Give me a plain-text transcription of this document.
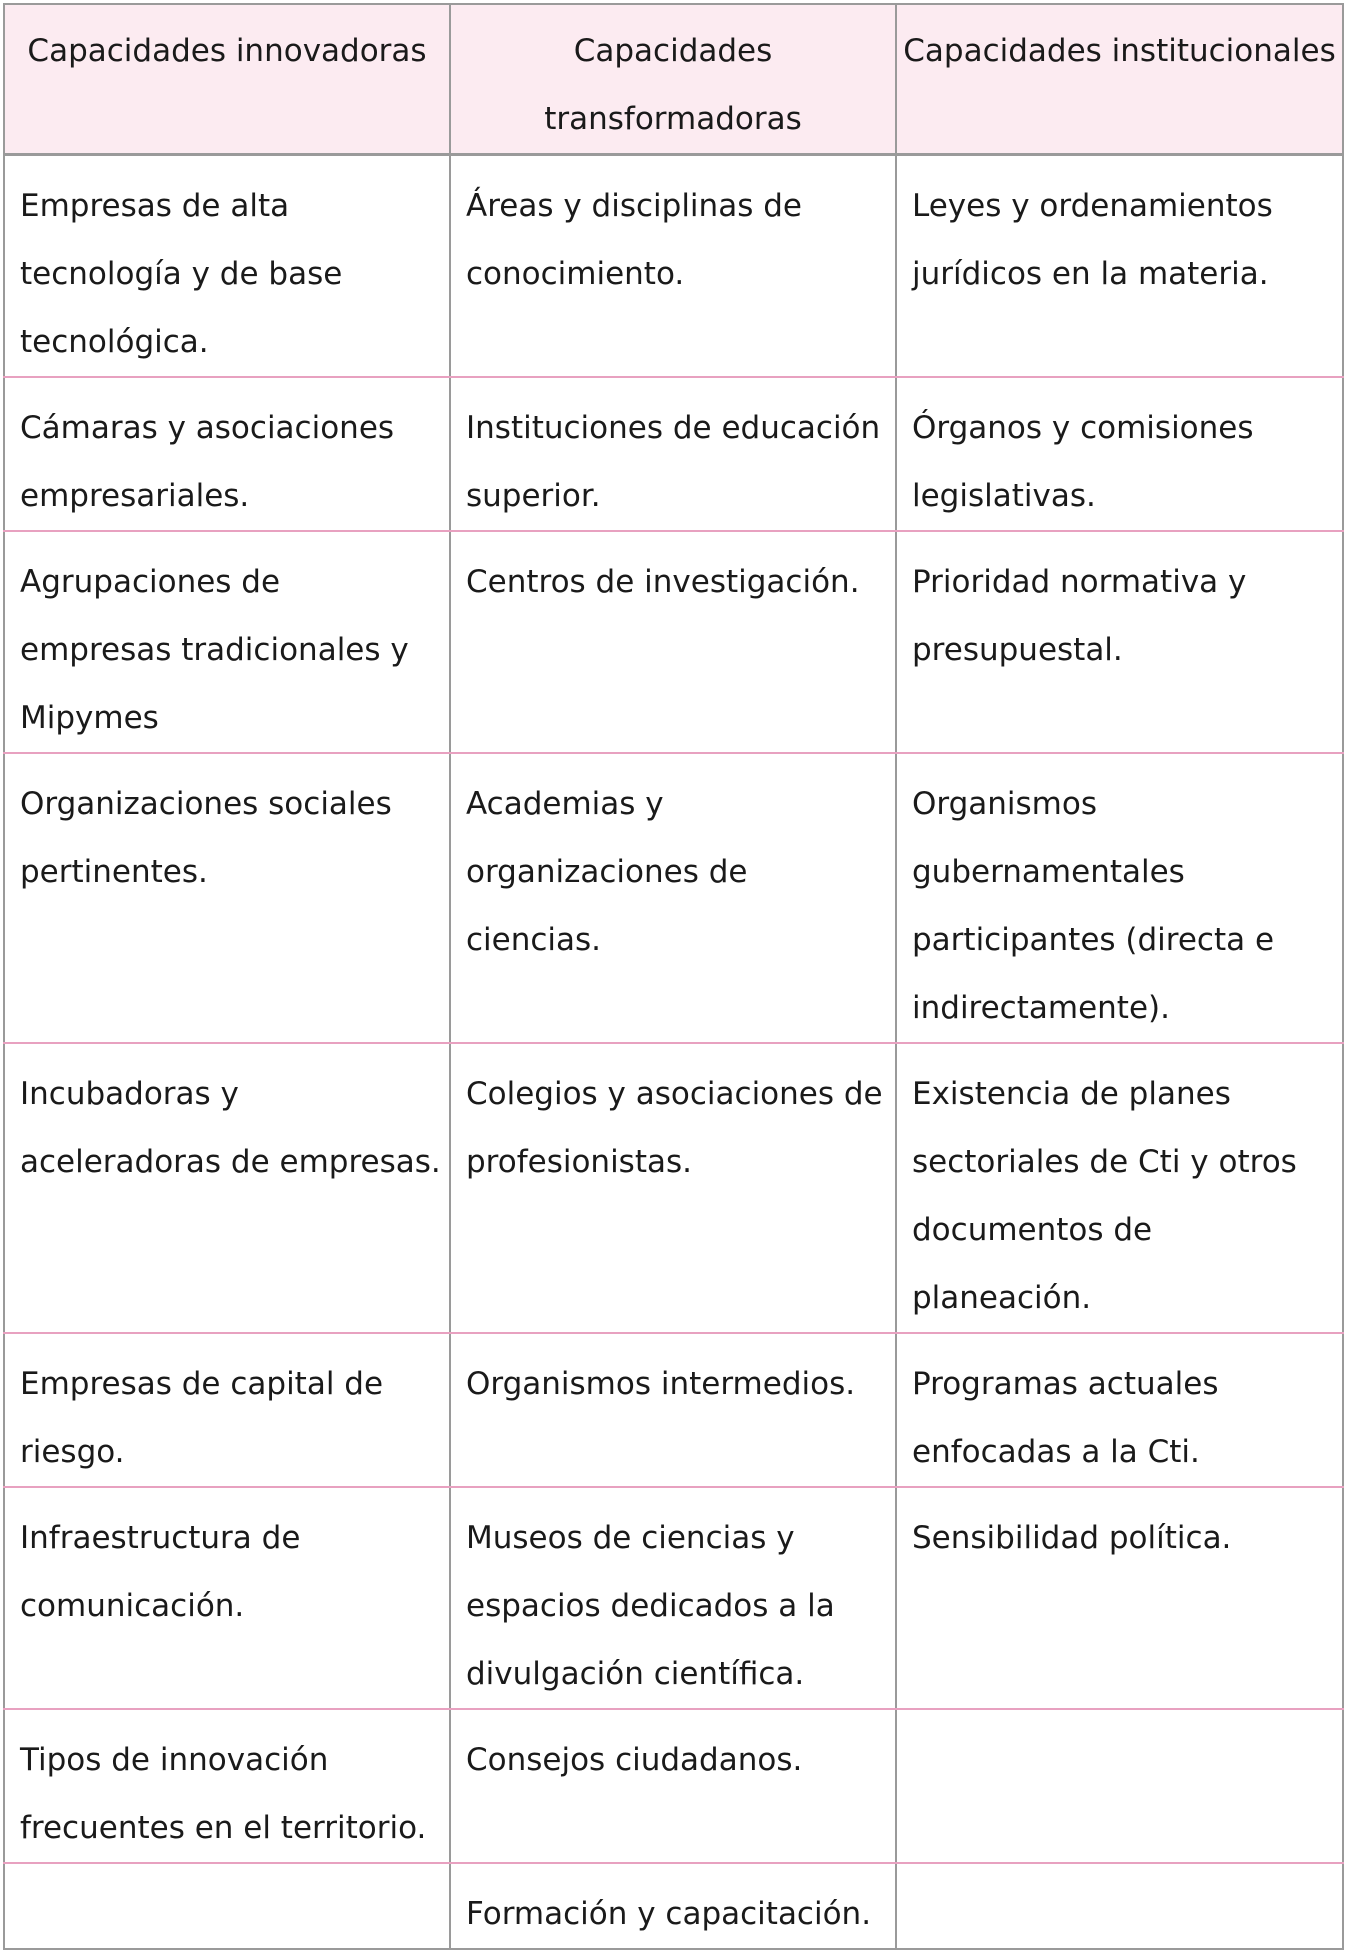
Capacidades innovadoras	Capacidades transformadoras	Capacidades institucionales
Empresas de alta tecnología y de base tecnológica.	Áreas y disciplinas de conocimiento.	Leyes y ordenamientos jurídicos en la materia.
Cámaras y asociaciones empresariales.	Instituciones de educación superior.	Órganos y comisiones legislativas.
Agrupaciones de empresas tradicionales y Mipymes	Centros de investigación.	Prioridad normativa y presupuestal.
Organizaciones sociales pertinentes.	Academias y organizaciones de ciencias.	Organismos gubernamentales participantes (directa e indirectamente).
Incubadoras y aceleradoras de empresas.	Colegios y asociaciones de profesionistas.	Existencia de planes sectoriales de Cti y otros documentos de planeación.
Empresas de capital de riesgo.	Organismos intermedios.	Programas actuales enfocadas a la Cti.
Infraestructura de comunicación.	Museos de ciencias y espacios dedicados a la divulgación científica.	Sensibilidad política.
Tipos de innovación frecuentes en el territorio.	Consejos ciudadanos.	
	Formación y capacitación.	
